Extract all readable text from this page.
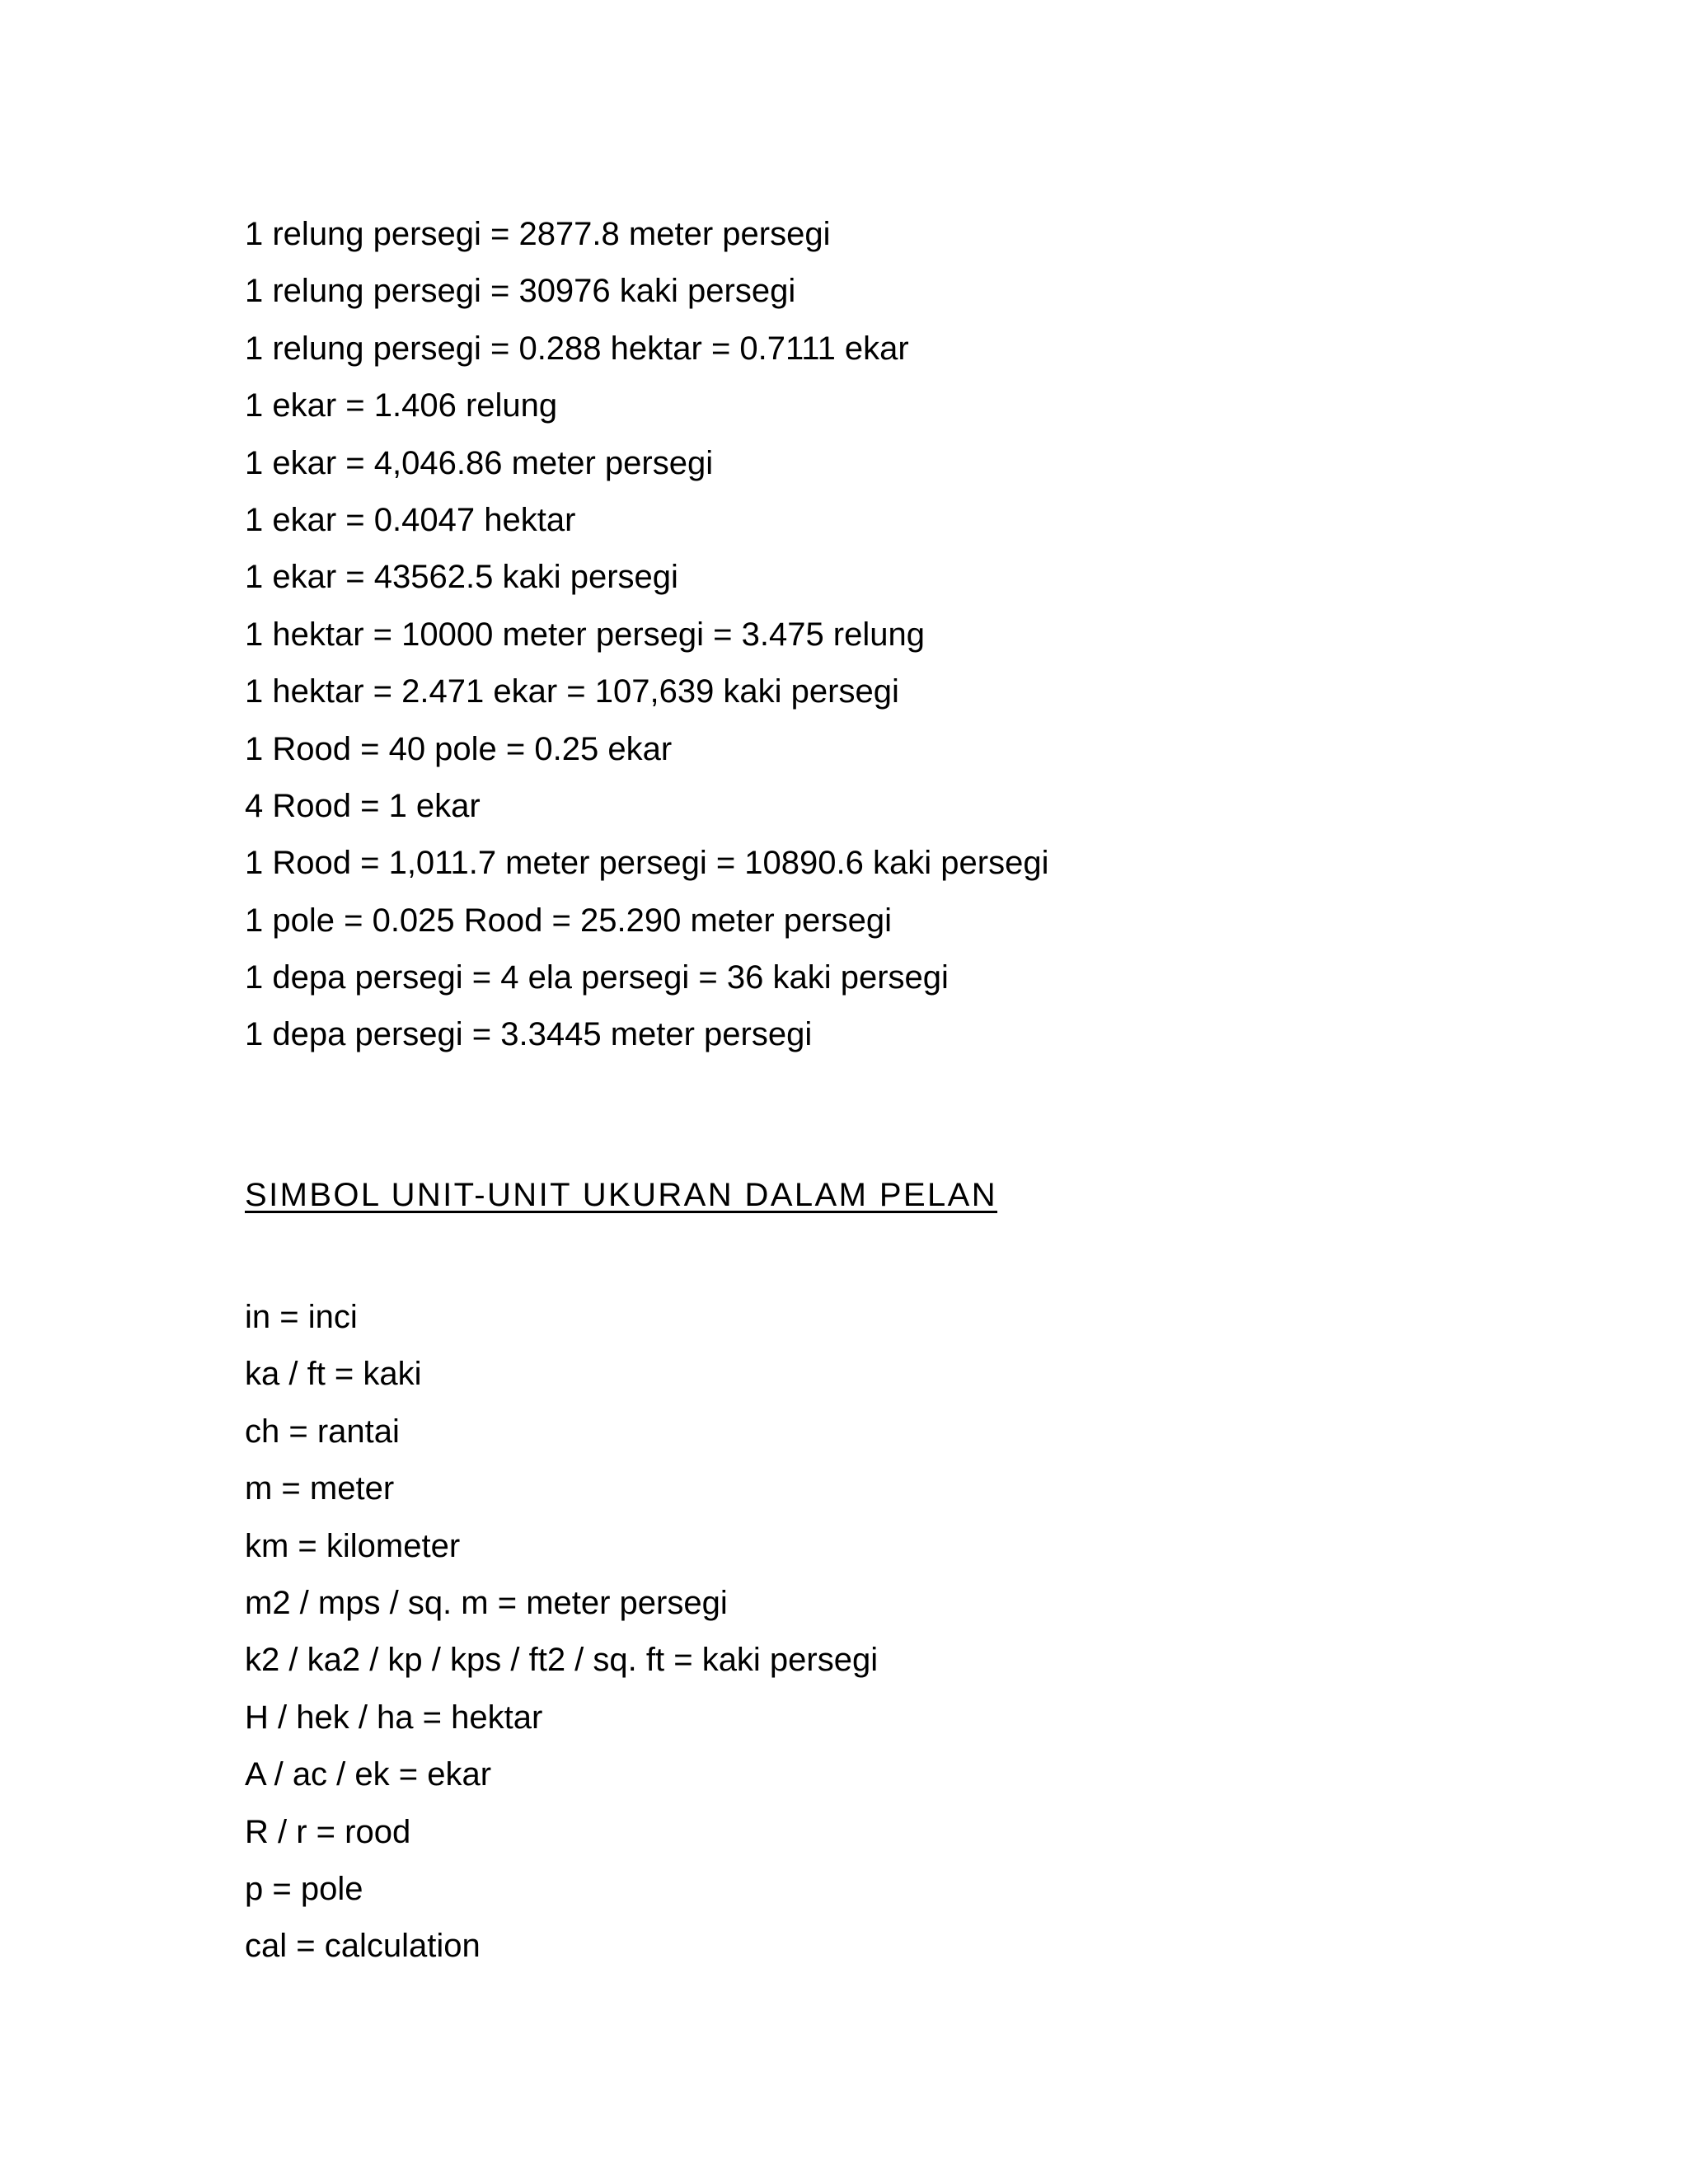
1 relung persegi = 2877.8 meter persegi
1 relung persegi = 30976 kaki persegi
1 relung persegi = 0.288 hektar = 0.7111 ekar
1 ekar = 1.406 relung
1 ekar = 4,046.86 meter persegi
1 ekar = 0.4047 hektar
1 ekar = 43562.5 kaki persegi
1 hektar = 10000 meter persegi = 3.475 relung
1 hektar = 2.471 ekar = 107,639 kaki persegi
1 Rood = 40 pole = 0.25 ekar
4 Rood = 1 ekar
1 Rood = 1,011.7 meter persegi = 10890.6 kaki persegi
1 pole = 0.025 Rood = 25.290 meter persegi
1 depa persegi = 4 ela persegi = 36 kaki persegi
1 depa persegi = 3.3445 meter persegi
SIMBOL UNIT-UNIT UKURAN DALAM PELAN
in = inci
ka / ft = kaki
ch = rantai
m = meter
km = kilometer
m2 / mps / sq. m = meter persegi
k2 / ka2 / kp / kps / ft2 / sq. ft = kaki persegi
H / hek / ha = hektar
A / ac / ek = ekar
R / r = rood
p = pole
cal = calculation
